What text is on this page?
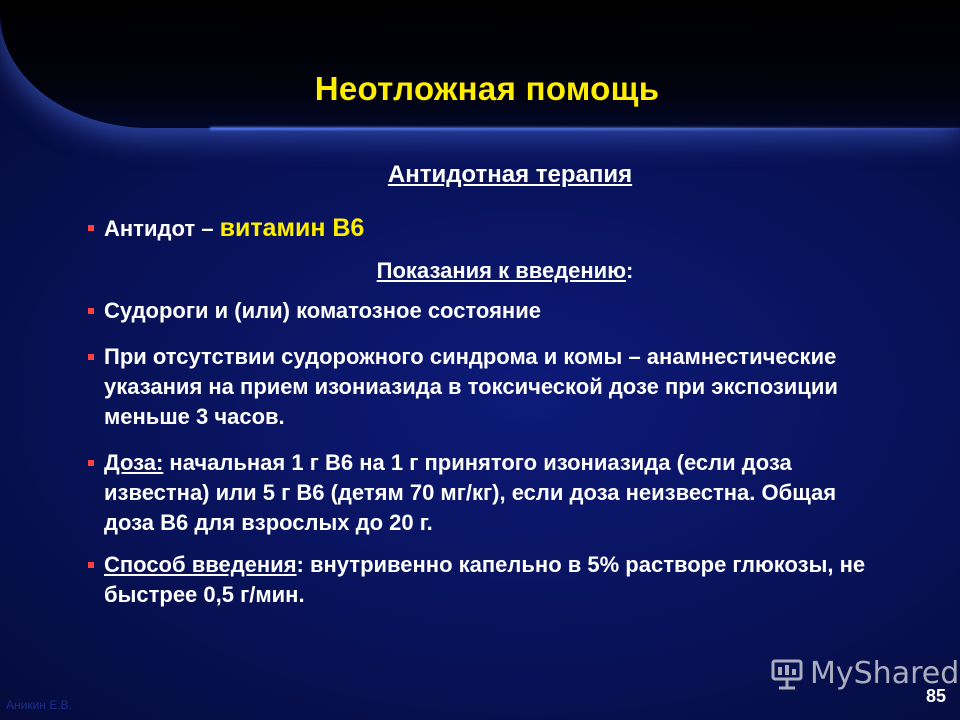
Неотложная помощь
Антидотная терапия
Антидот – витамин В6
Показания к введению:
Судороги и (или) коматозное состояние
При отсутствии судорожного синдрома и комы – анамнестические указания на прием изониазида в токсической дозе при экспозиции меньше 3 часов.
Доза: начальная 1 г В6 на 1 г принятого изониазида (если доза известна) или 5 г В6 (детям 70 мг/кг), если доза неизвестна. Общая доза В6 для взрослых до 20 г.
Способ введения: внутривенно капельно в 5% растворе глюкозы, не быстрее 0,5 г/мин.
MyShared
85
Аникин Е.В.
